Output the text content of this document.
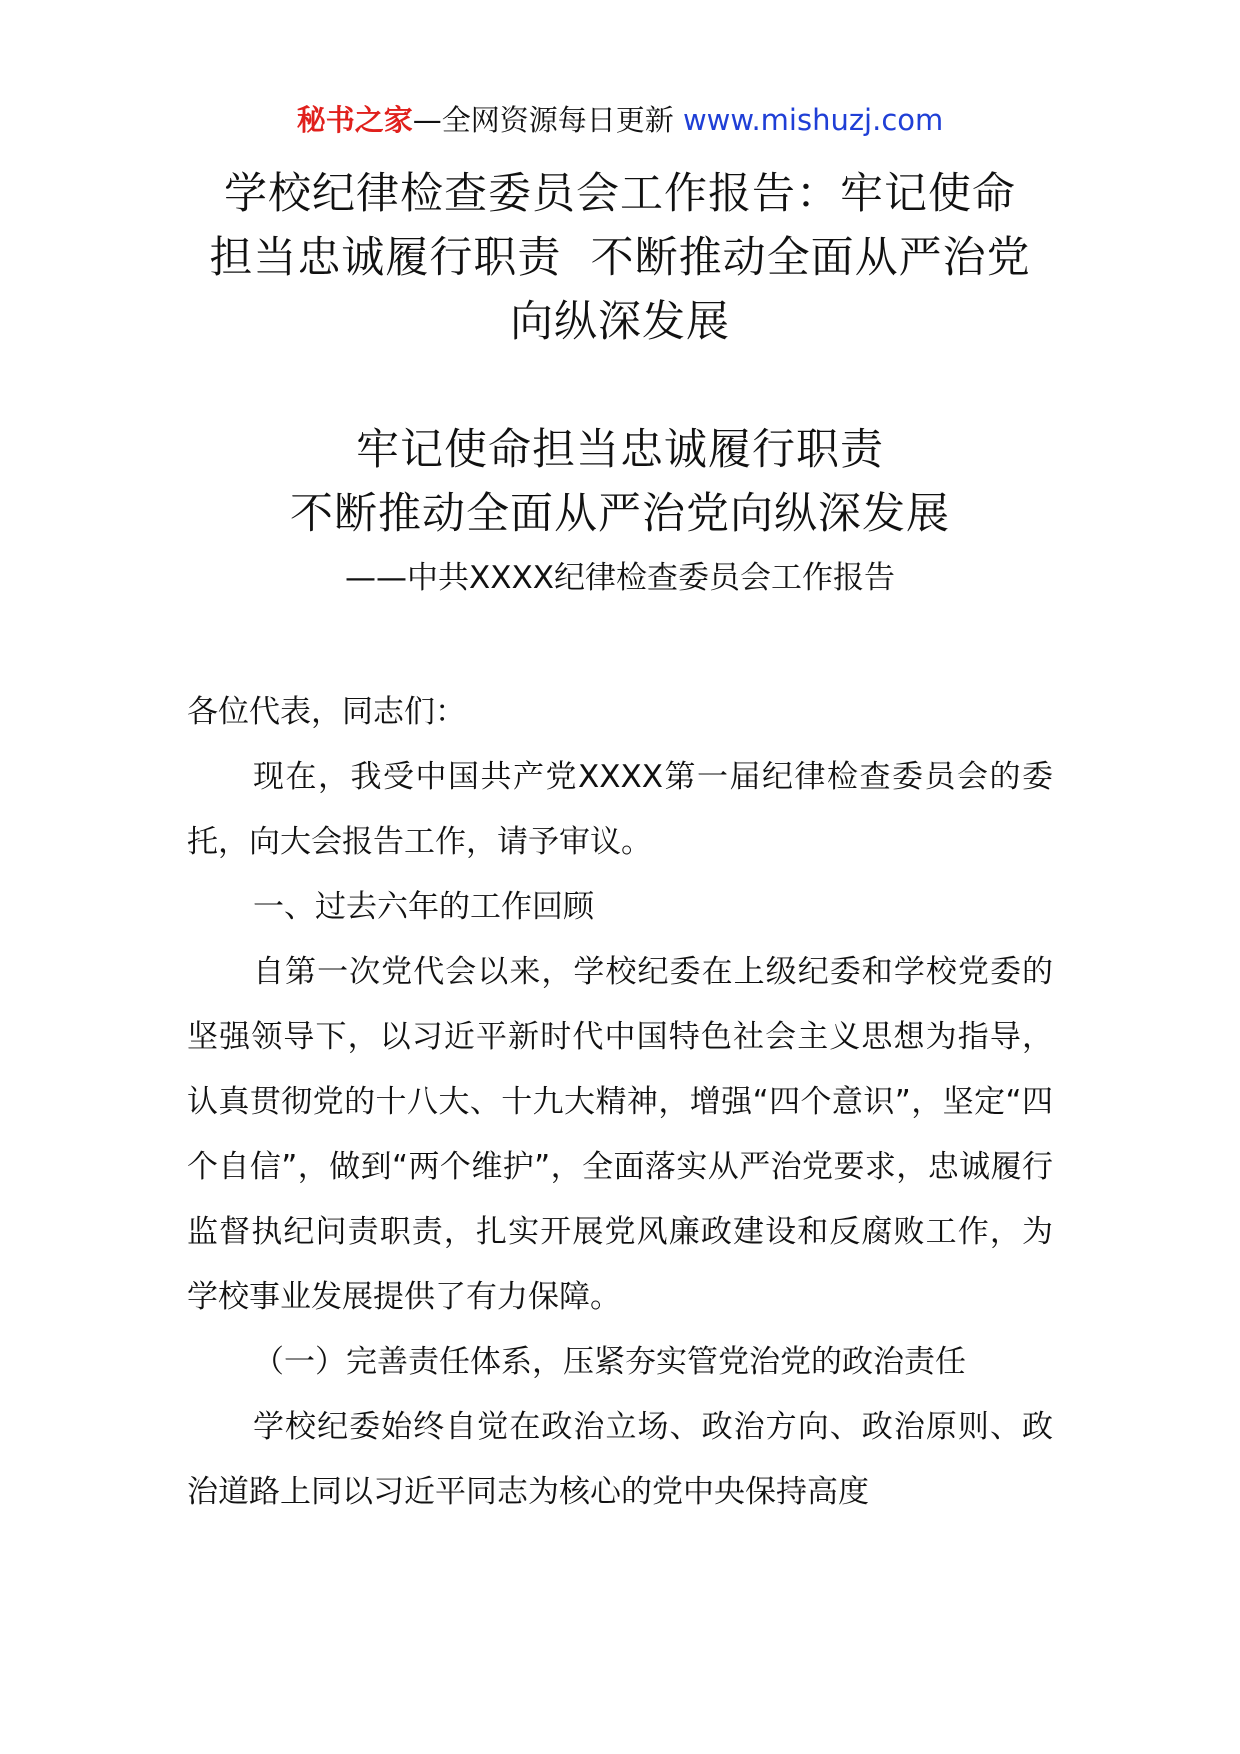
秘书之家—全网资源每日更新 www.mishuzj.com
学校纪律检查委员会工作报告：牢记使命
担当忠诚履行职责  不断推动全面从严治党
向纵深发展
牢记使命担当忠诚履行职责
不断推动全面从严治党向纵深发展
——中共XXXX纪律检查委员会工作报告

各位代表，同志们：

现在，我受中国共产党XXXX第一届纪律检查委员会的委托，向大会报告工作，请予审议。

一、过去六年的工作回顾

自第一次党代会以来，学校纪委在上级纪委和学校党委的坚强领导下，以习近平新时代中国特色社会主义思想为指导，认真贯彻党的十八大、十九大精神，增强“四个意识”，坚定“四个自信”，做到“两个维护”，全面落实从严治党要求，忠诚履行监督执纪问责职责，扎实开展党风廉政建设和反腐败工作，为学校事业发展提供了有力保障。

（一）完善责任体系，压紧夯实管党治党的政治责任

学校纪委始终自觉在政治立场、政治方向、政治原则、政治道路上同以习近平同志为核心的党中央保持高度
